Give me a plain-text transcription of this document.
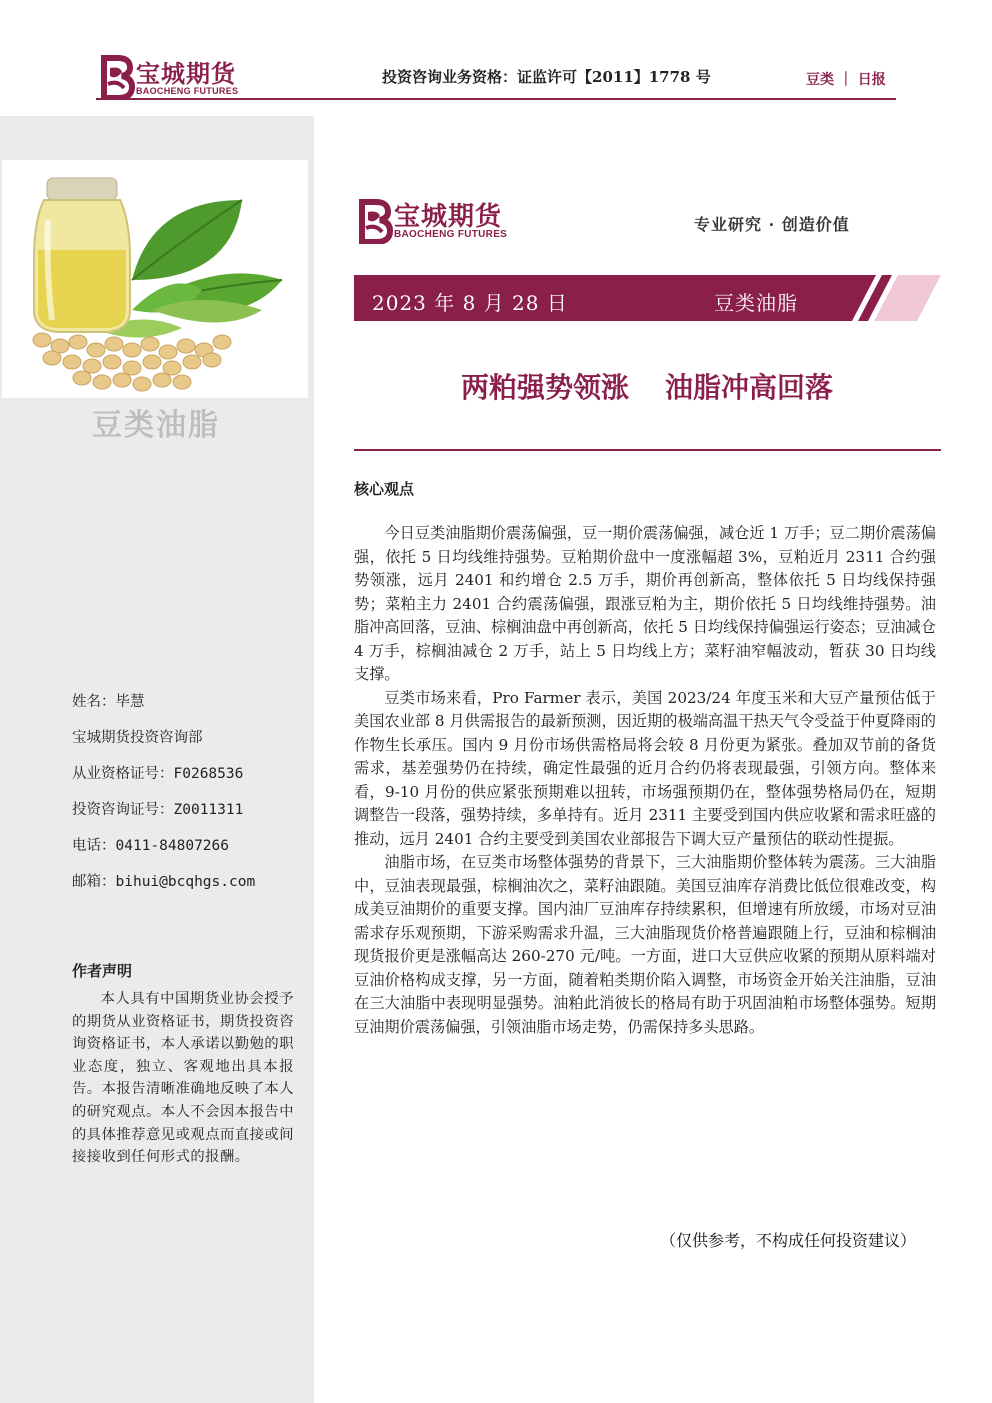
宝城期货
BAOCHENG FUTURES
投资咨询业务资格：证监许可【2011】1778 号	豆类 ｜ 日报
豆类油脂
姓名：毕慧
宝城期货投资咨询部
从业资格证号：F0268536
投资咨询证号：Z0011311
电话：0411-84807266
邮箱：bihui@bcqhgs.com
作者声明
本人具有中国期货业协会授予的期货从业资格证书，期货投资咨询资格证书，本人承诺以勤勉的职业态度，独立、客观地出具本报告。本报告清晰准确地反映了本人的研究观点。本人不会因本报告中的具体推荐意见或观点而直接或间接接收到任何形式的报酬。
宝城期货
BAOCHENG FUTURES
专业研究 · 创造价值
2023 年 8 月 28 日	豆类油脂
两粕强势领涨 油脂冲高回落
核心观点

今日豆类油脂期价震荡偏强，豆一期价震荡偏强，减仓近 1 万手；豆二期价震荡偏强，依托 5 日均线维持强势。豆粕期价盘中一度涨幅超 3%，豆粕近月 2311 合约强势领涨，远月 2401 和约增仓 2.5 万手，期价再创新高，整体依托 5 日均线保持强势；菜粕主力 2401 合约震荡偏强，跟涨豆粕为主，期价依托 5 日均线维持强势。油脂冲高回落，豆油、棕榈油盘中再创新高，依托 5 日均线保持偏强运行姿态；豆油减仓 4 万手，棕榈油减仓 2 万手，站上 5 日均线上方；菜籽油窄幅波动，暂获 30 日均线支撑。

豆类市场来看，Pro Farmer 表示，美国 2023/24 年度玉米和大豆产量预估低于美国农业部 8 月供需报告的最新预测，因近期的极端高温干热天气令受益于仲夏降雨的作物生长承压。国内 9 月份市场供需格局将会较 8 月份更为紧张。叠加双节前的备货需求，基差强势仍在持续，确定性最强的近月合约仍将表现最强，引领方向。整体来看，9-10 月份的供应紧张预期难以扭转，市场强预期仍在，整体强势格局仍在，短期调整告一段落，强势持续，多单持有。近月 2311 主要受到国内供应收紧和需求旺盛的推动，远月 2401 合约主要受到美国农业部报告下调大豆产量预估的联动性提振。

油脂市场，在豆类市场整体强势的背景下，三大油脂期价整体转为震荡。三大油脂中，豆油表现最强，棕榈油次之，菜籽油跟随。美国豆油库存消费比低位很难改变，构成美豆油期价的重要支撑。国内油厂豆油库存持续累积，但增速有所放缓，市场对豆油需求存乐观预期，下游采购需求升温，三大油脂现货价格普遍跟随上行，豆油和棕榈油现货报价更是涨幅高达 260-270 元/吨。一方面，进口大豆供应收紧的预期从原料端对豆油价格构成支撑，另一方面，随着粕类期价陷入调整，市场资金开始关注油脂，豆油在三大油脂中表现明显强势。油粕此消彼长的格局有助于巩固油粕市场整体强势。短期豆油期价震荡偏强，引领油脂市场走势，仍需保持多头思路。

（仅供参考，不构成任何投资建议）
